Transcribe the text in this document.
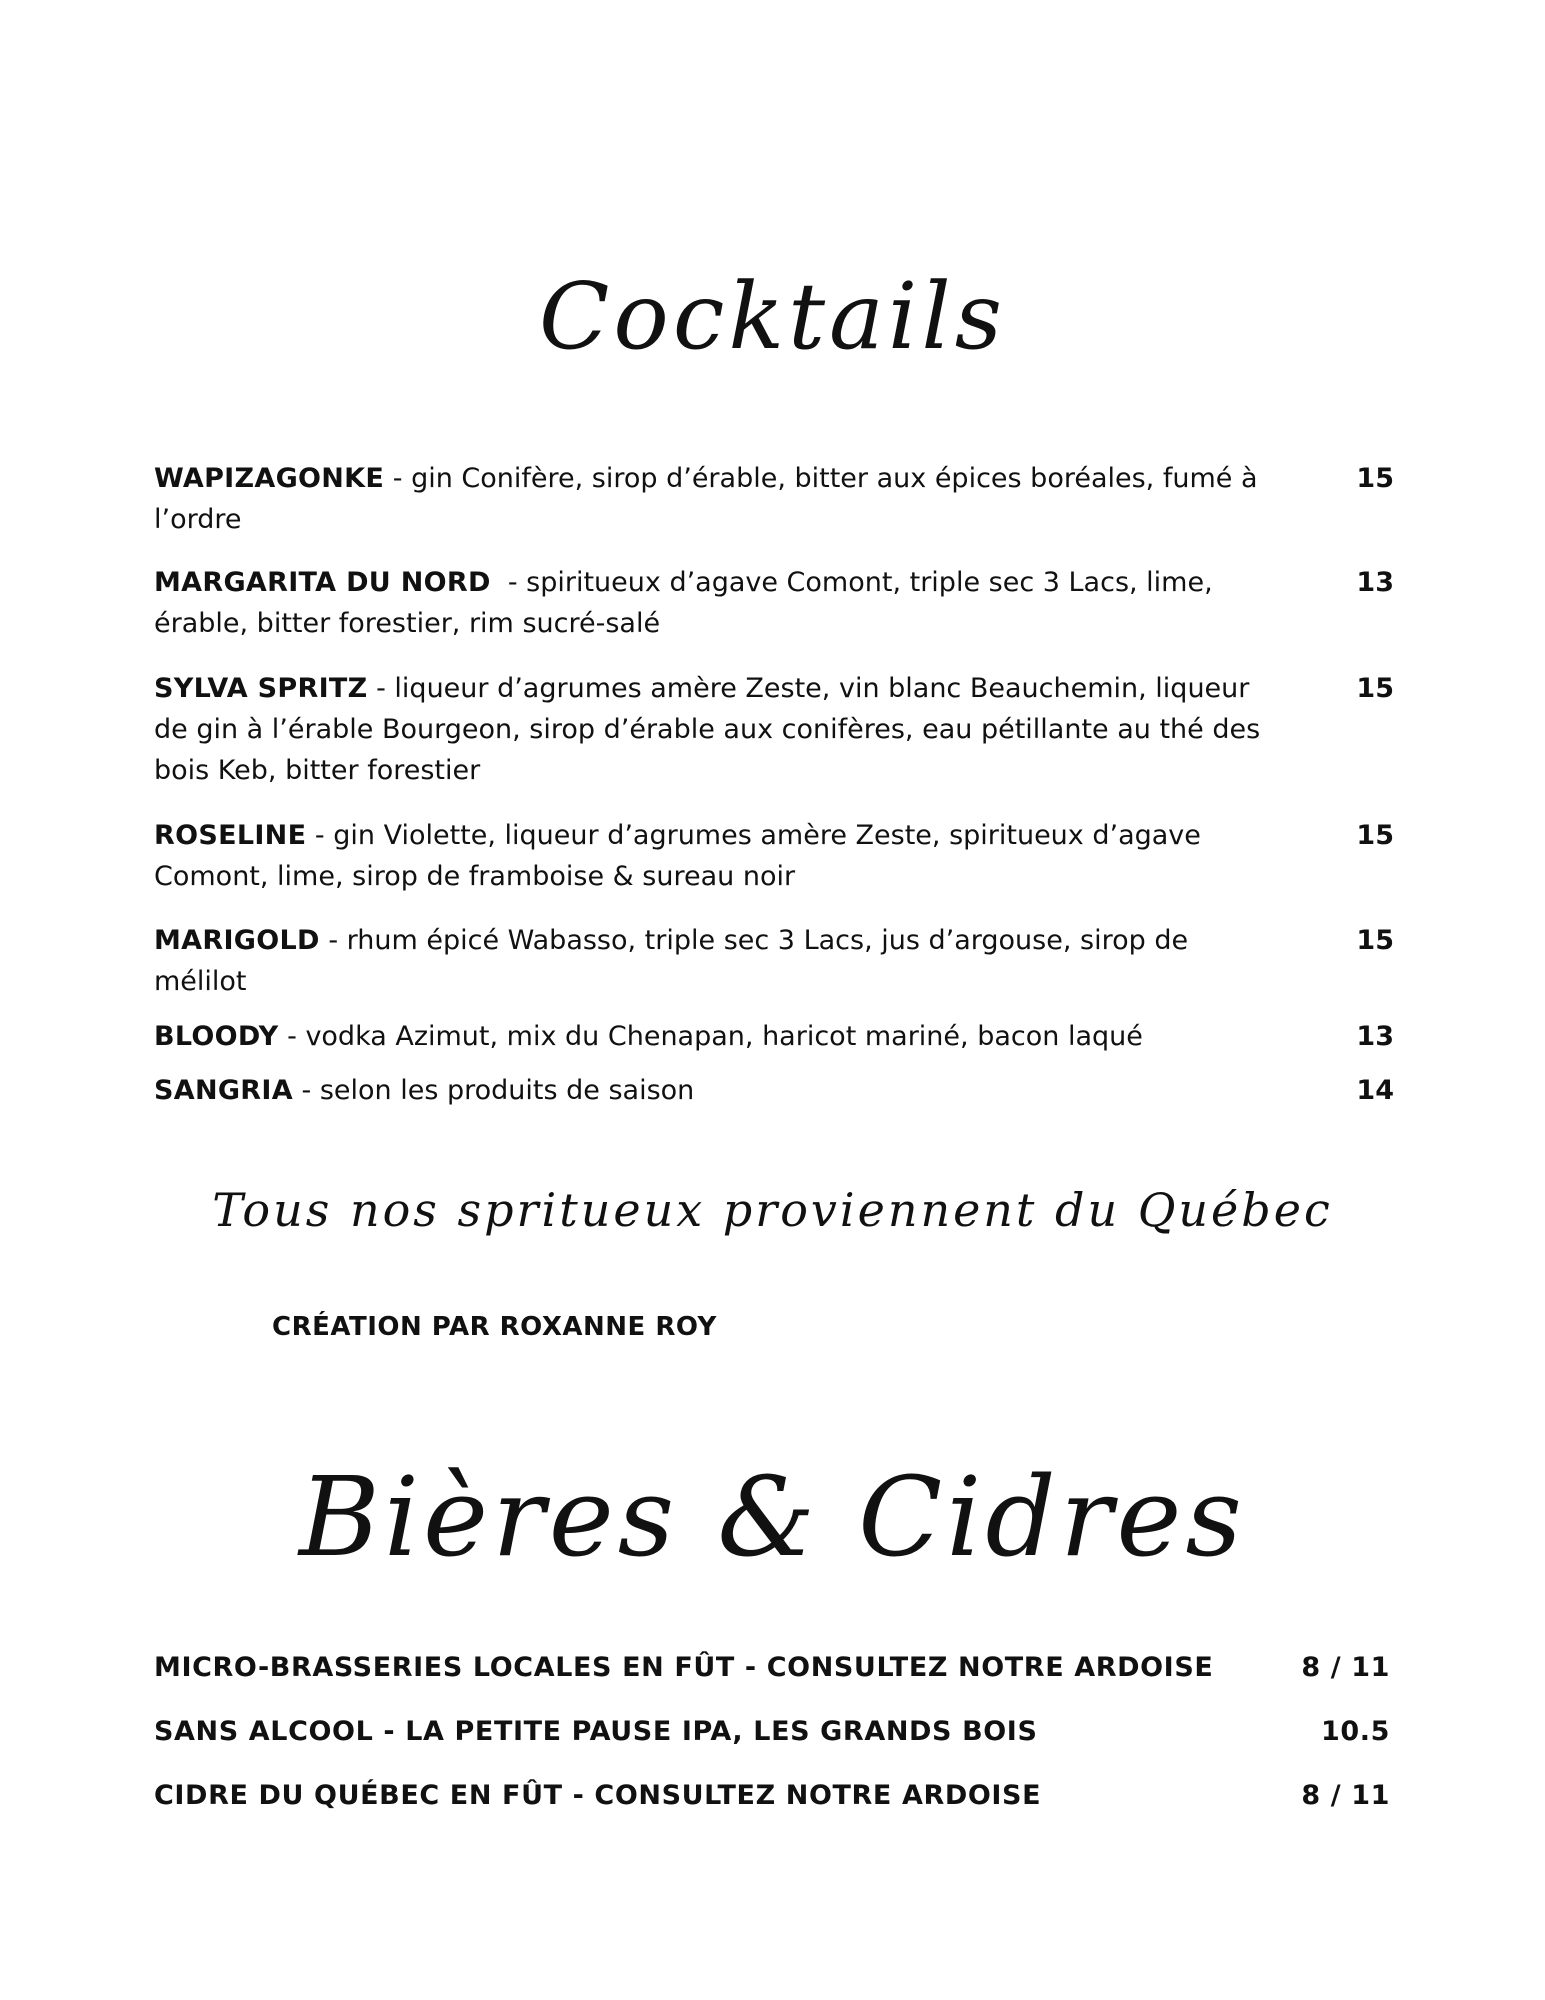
Cocktails
WAPIZAGONKE - gin Conifère, sirop d’érable, bitter aux épices boréales, fumé à l’ordre
15
MARGARITA DU NORD  - spiritueux d’agave Comont, triple sec 3 Lacs, lime, érable, bitter forestier, rim sucré-salé
13
SYLVA SPRITZ - liqueur d’agrumes amère Zeste, vin blanc Beauchemin, liqueur de gin à l’érable Bourgeon, sirop d’érable aux conifères, eau pétillante au thé des bois Keb, bitter forestier
15
ROSELINE - gin Violette, liqueur d’agrumes amère Zeste, spiritueux d’agave Comont, lime, sirop de framboise & sureau noir
15
MARIGOLD - rhum épicé Wabasso, triple sec 3 Lacs, jus d’argouse, sirop de mélilot
15
BLOODY - vodka Azimut, mix du Chenapan, haricot mariné, bacon laqué	13
SANGRIA - selon les produits de saison	14
Tous nos spritueux proviennent du Québec
CRÉATION PAR ROXANNE ROY
Bières & Cidres
MICRO-BRASSERIES LOCALES EN FÛT - CONSULTEZ NOTRE ARDOISE	8 / 11
SANS ALCOOL - LA PETITE PAUSE IPA, LES GRANDS BOIS	10.5
CIDRE DU QUÉBEC EN FÛT - CONSULTEZ NOTRE ARDOISE	8 / 11
